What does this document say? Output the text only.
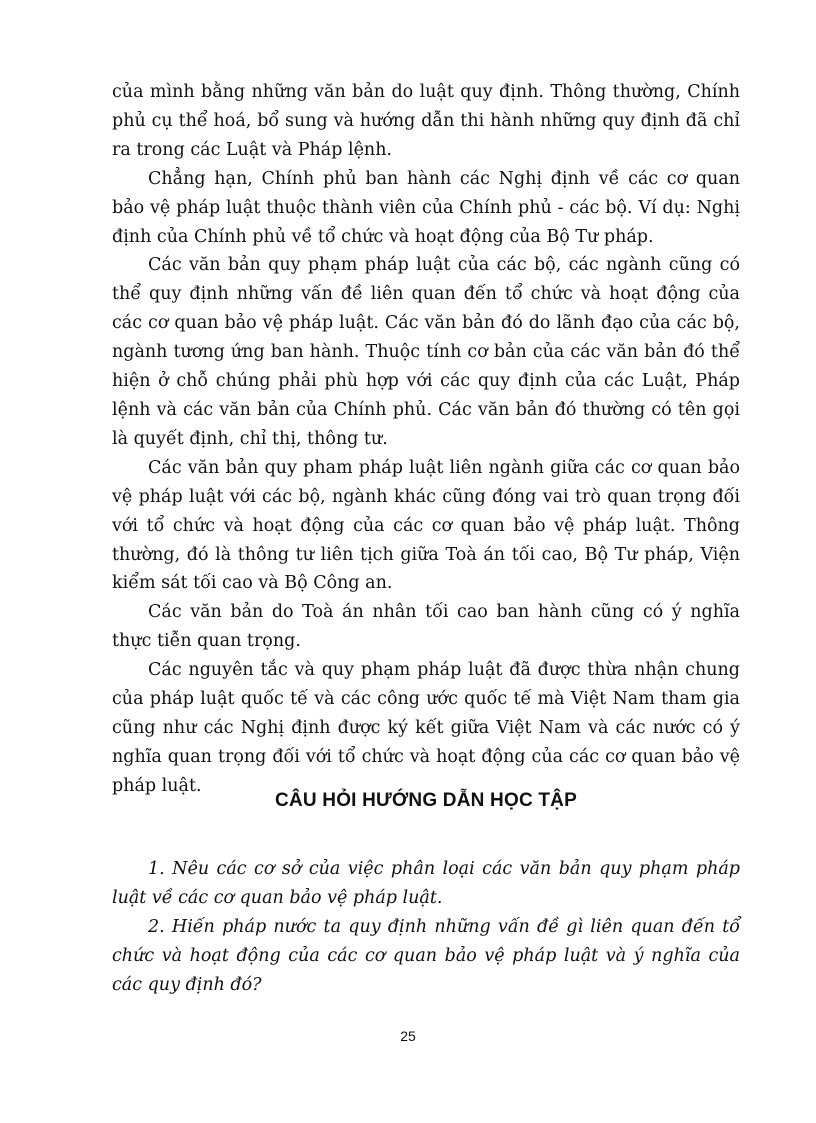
của mình bằng những văn bản do luật quy định. Thông thường, Chính phủ cụ thể hoá, bổ sung và hướng dẫn thi hành những quy định đã chỉ ra trong các Luật và Pháp lệnh.

Chẳng hạn, Chính phủ ban hành các Nghị định về các cơ quan bảo vệ pháp luật thuộc thành viên của Chính phủ - các bộ. Ví dụ: Nghị định của Chính phủ về tổ chức và hoạt động của Bộ Tư pháp.

Các văn bản quy phạm pháp luật của các bộ, các ngành cũng có thể quy định những vấn đề liên quan đến tổ chức và hoạt động của các cơ quan bảo vệ pháp luật. Các văn bản đó do lãnh đạo của các bộ, ngành tương ứng ban hành. Thuộc tính cơ bản của các văn bản đó thể hiện ở chỗ chúng phải phù hợp với các quy định của các Luật, Pháp lệnh và các văn bản của Chính phủ. Các văn bản đó thường có tên gọi là quyết định, chỉ thị, thông tư.

Các văn bản quy pham pháp luật liên ngành giữa các cơ quan bảo vệ pháp luật với các bộ, ngành khác cũng đóng vai trò quan trọng đối với tổ chức và hoạt động của các cơ quan bảo vệ pháp luật. Thông thường, đó là thông tư liên tịch giữa Toà án tối cao, Bộ Tư pháp, Viện kiểm sát tối cao và Bộ Công an.

Các văn bản do Toà án nhân tối cao ban hành cũng có ý nghĩa thực tiễn quan trọng.

Các nguyên tắc và quy phạm pháp luật đã được thừa nhận chung của pháp luật quốc tế và các công ước quốc tế mà Việt Nam tham gia cũng như các Nghị định được ký kết giữa Việt Nam và các nước có ý nghĩa quan trọng đối với tổ chức và hoạt động của các cơ quan bảo vệ pháp luật.

CÂU HỎI HƯỚNG DẪN HỌC TẬP

1. Nêu các cơ sở của việc phân loại các văn bản quy phạm pháp luật về các cơ quan bảo vệ pháp luật.

2. Hiến pháp nước ta quy định những vấn đề gì liên quan đến tổ chức và hoạt động của các cơ quan bảo vệ pháp luật và ý nghĩa của các quy định đó?

25
